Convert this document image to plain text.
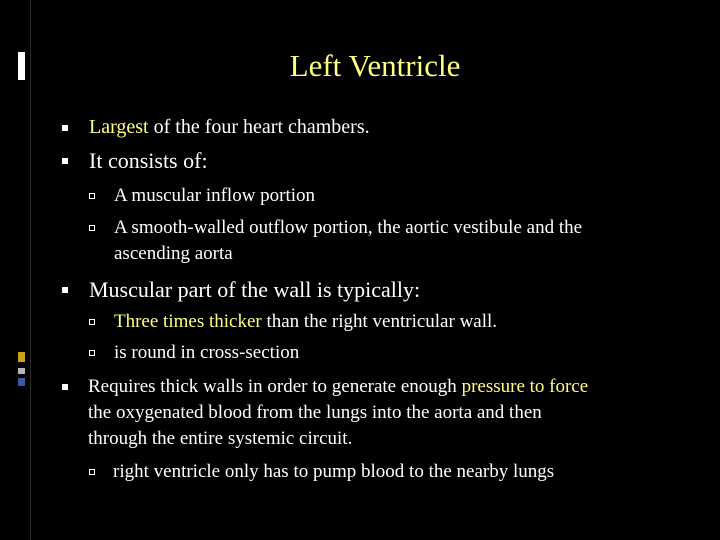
Left Ventricle
Largest of the four heart chambers.
It consists of:
A muscular inflow portion
A smooth-walled outflow portion, the aortic vestibule and the
ascending aorta
Muscular part of the wall is typically:
Three times thicker than the right ventricular wall.
is round in cross-section
Requires thick walls in order to generate enough pressure to force
the oxygenated blood from the lungs into the aorta and then
through the entire systemic circuit.
right ventricle only has to pump blood to the nearby lungs
